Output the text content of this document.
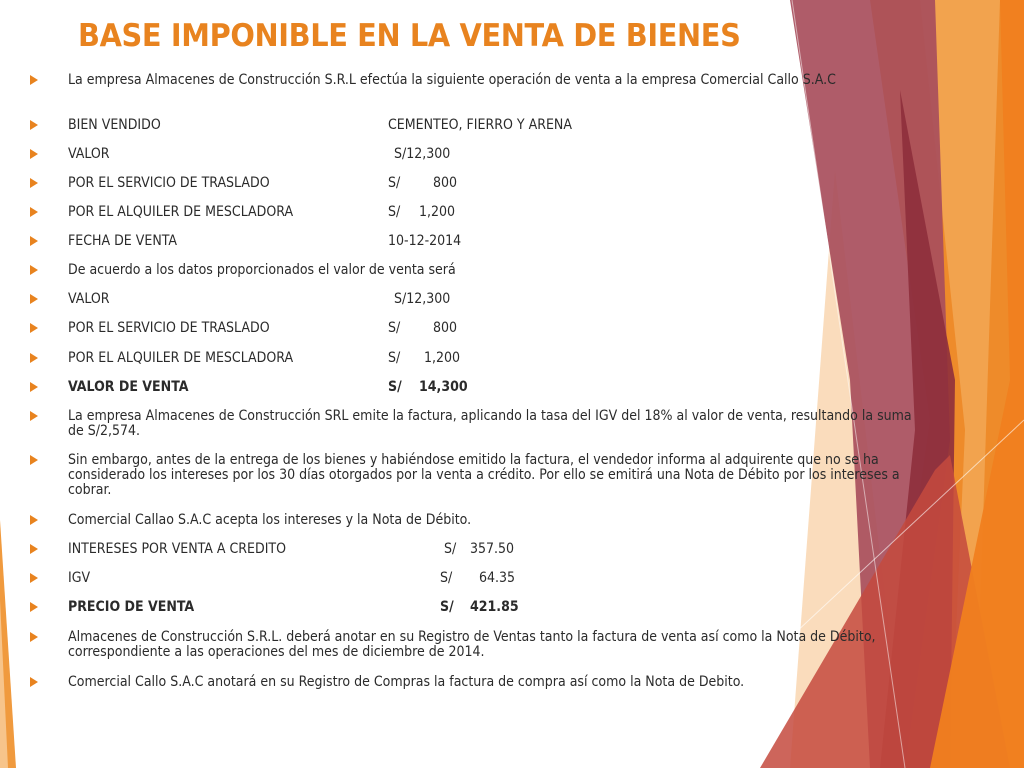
BASE IMPONIBLE EN LA VENTA DE BIENES
La empresa Almacenes de Construcción S.R.L efectúa la siguiente operación de venta a la empresa Comercial Callo S.A.C
BIEN VENDIDO	CEMENTEO, FIERRO Y ARENA
VALOR	S/12,300
POR EL SERVICIO DE TRASLADO	S/ 800
POR EL ALQUILER DE MESCLADORA	S/ 1,200
FECHA DE VENTA	10-12-2014
De acuerdo a los datos proporcionados el valor de venta será
VALOR	S/12,300
POR EL SERVICIO DE TRASLADO	S/ 800
POR EL ALQUILER DE MESCLADORA	S/ 1,200
VALOR DE VENTA	S/ 14,300
La empresa Almacenes de Construcción SRL emite la factura, aplicando la tasa del IGV del 18% al valor de venta, resultando la suma de S/2,574.
Sin embargo, antes de la entrega de los bienes y habiéndose emitido la factura, el vendedor informa al adquirente que no se ha considerado los intereses por los 30 días otorgados por la venta a crédito. Por ello se emitirá una Nota de Débito por los intereses a cobrar.
Comercial Callao S.A.C acepta los intereses y la Nota de Débito.
INTERESES POR VENTA A CREDITO	S/ 357.50
IGV	S/ 64.35
PRECIO DE VENTA	S/ 421.85
Almacenes de Construcción S.R.L. deberá anotar en su Registro de Ventas tanto la factura de venta así como la Nota de Débito, correspondiente a las operaciones del mes de diciembre de 2014.
Comercial Callo S.A.C anotará en su Registro de Compras la factura de compra así como la Nota de Debito.
